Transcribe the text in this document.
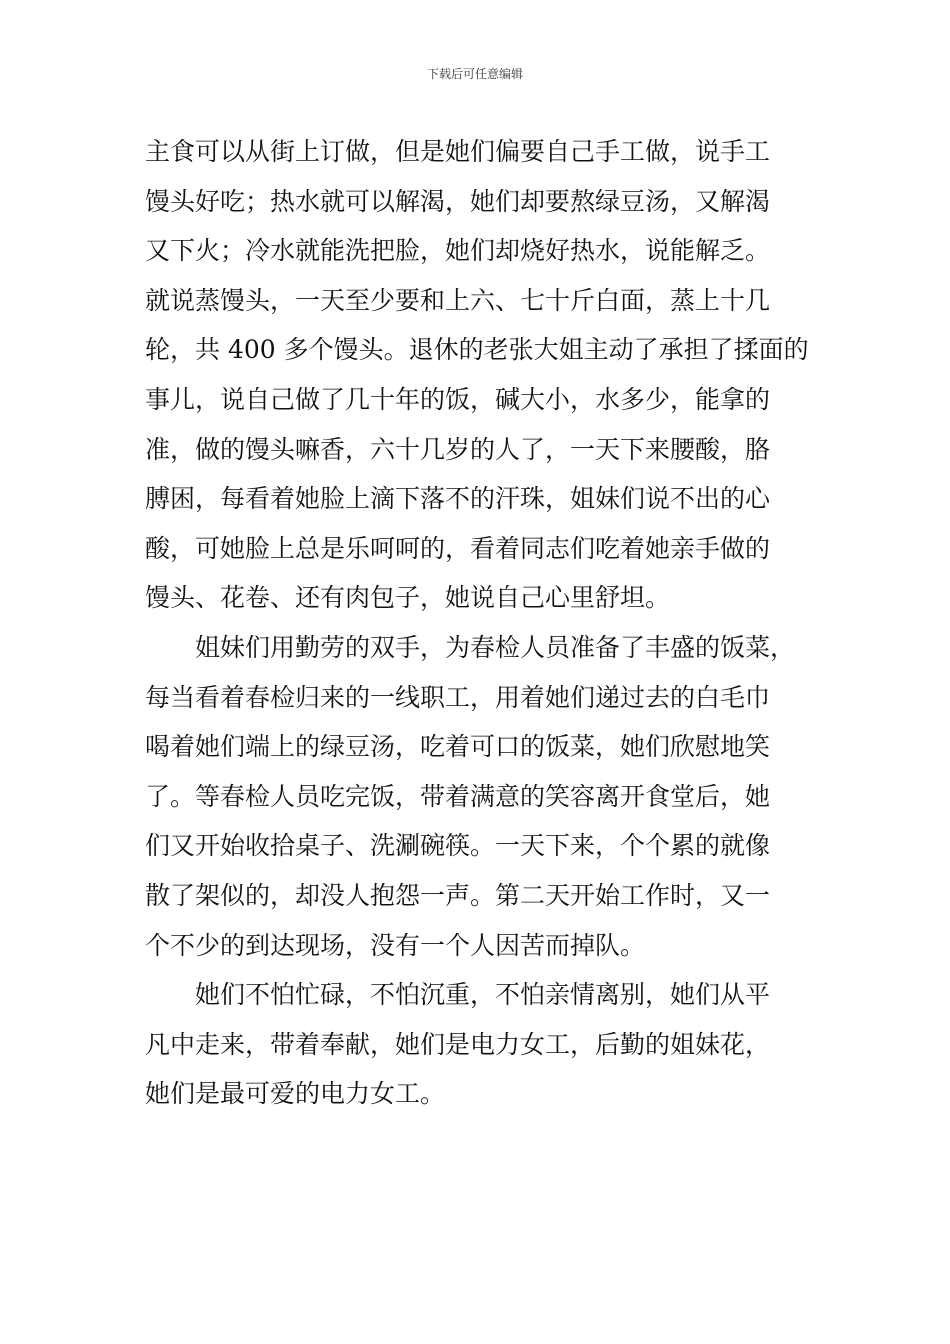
下载后可任意编辑
主食可以从街上订做，但是她们偏要自己手工做，说手工
馒头好吃；热水就可以解渴，她们却要熬绿豆汤，又解渴
又下火；冷水就能洗把脸，她们却烧好热水，说能解乏。
就说蒸馒头，一天至少要和上六、七十斤白面，蒸上十几
轮，共 400 多个馒头。退休的老张大姐主动了承担了揉面的
事儿，说自己做了几十年的饭，碱大小，水多少，能拿的
准，做的馒头嘛香，六十几岁的人了，一天下来腰酸，胳
膊困，每看着她脸上滴下落不的汗珠，姐妹们说不出的心
酸，可她脸上总是乐呵呵的，看着同志们吃着她亲手做的
馒头、花卷、还有肉包子，她说自己心里舒坦。
　　姐妹们用勤劳的双手，为春检人员准备了丰盛的饭菜，
每当看着春检归来的一线职工，用着她们递过去的白毛巾
喝着她们端上的绿豆汤，吃着可口的饭菜，她们欣慰地笑
了。等春检人员吃完饭，带着满意的笑容离开食堂后，她
们又开始收拾桌子、洗涮碗筷。一天下来，个个累的就像
散了架似的，却没人抱怨一声。第二天开始工作时，又一
个不少的到达现场，没有一个人因苦而掉队。
　　她们不怕忙碌，不怕沉重，不怕亲情离别，她们从平
凡中走来，带着奉献，她们是电力女工，后勤的姐妹花，
她们是最可爱的电力女工。
